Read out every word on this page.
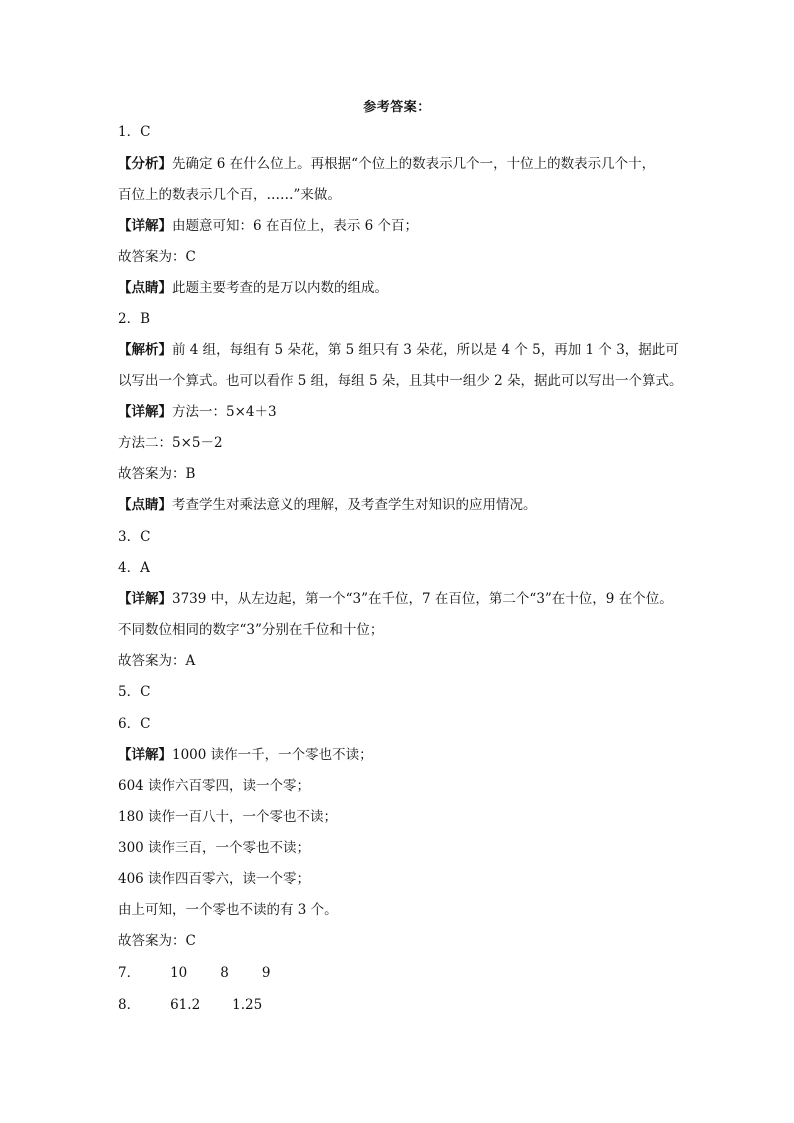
参考答案：
1．C
【分析】先确定 6 在什么位上。再根据“个位上的数表示几个一，十位上的数表示几个十，
百位上的数表示几个百，……”来做。
【详解】由题意可知：6 在百位上，表示 6 个百；
故答案为：C
【点睛】此题主要考查的是万以内数的组成。
2．B
【解析】前 4 组，每组有 5 朵花，第 5 组只有 3 朵花，所以是 4 个 5，再加 1 个 3，据此可
以写出一个算式。也可以看作 5 组，每组 5 朵，且其中一组少 2 朵，据此可以写出一个算式。
【详解】方法一：5×4＋3
方法二：5×5－2
故答案为：B
【点睛】考查学生对乘法意义的理解，及考查学生对知识的应用情况。
3．C
4．A
【详解】3739 中，从左边起，第一个“3”在千位，7 在百位，第二个“3”在十位，9 在个位。
不同数位相同的数字“3”分别在千位和十位；
故答案为：A
5．C
6．C
【详解】1000 读作一千，一个零也不读；
604 读作六百零四，读一个零；
180 读作一百八十，一个零也不读；
300 读作三百，一个零也不读；
406 读作四百零六，读一个零；
由上可知，一个零也不读的有 3 个。
故答案为：C
7． 10 8 9
8． 61.2 1.25
